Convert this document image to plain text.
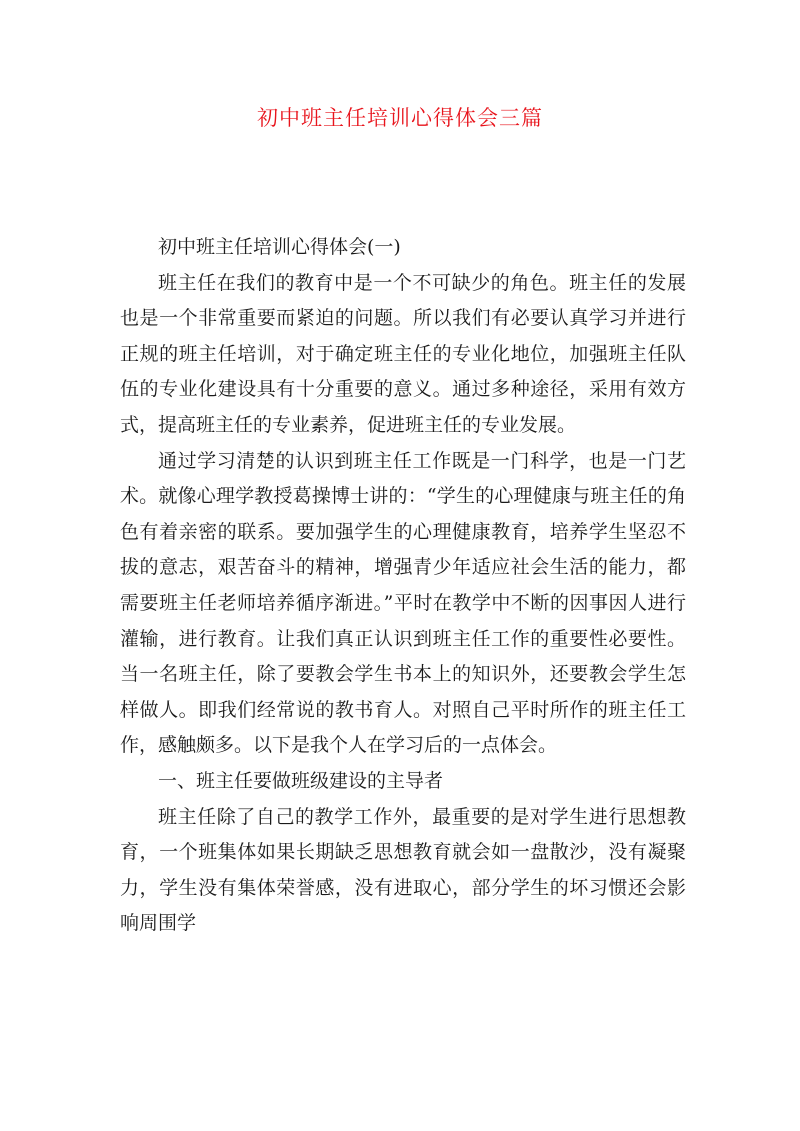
初中班主任培训心得体会三篇

初中班主任培训心得体会(一)

班主任在我们的教育中是一个不可缺少的角色。班主任的发展也是一个非常重要而紧迫的问题。所以我们有必要认真学习并进行正规的班主任培训，对于确定班主任的专业化地位，加强班主任队伍的专业化建设具有十分重要的意义。通过多种途径，采用有效方式，提高班主任的专业素养，促进班主任的专业发展。

通过学习清楚的认识到班主任工作既是一门科学，也是一门艺术。就像心理学教授葛操博士讲的：“学生的心理健康与班主任的角色有着亲密的联系。要加强学生的心理健康教育，培养学生坚忍不拔的意志，艰苦奋斗的精神，增强青少年适应社会生活的能力，都需要班主任老师培养循序渐进。”平时在教学中不断的因事因人进行灌输，进行教育。让我们真正认识到班主任工作的重要性必要性。当一名班主任，除了要教会学生书本上的知识外，还要教会学生怎样做人。即我们经常说的教书育人。对照自己平时所作的班主任工作，感触颇多。以下是我个人在学习后的一点体会。

一、班主任要做班级建设的主导者

班主任除了自己的教学工作外，最重要的是对学生进行思想教育，一个班集体如果长期缺乏思想教育就会如一盘散沙，没有凝聚力，学生没有集体荣誉感，没有进取心，部分学生的坏习惯还会影响周围学
